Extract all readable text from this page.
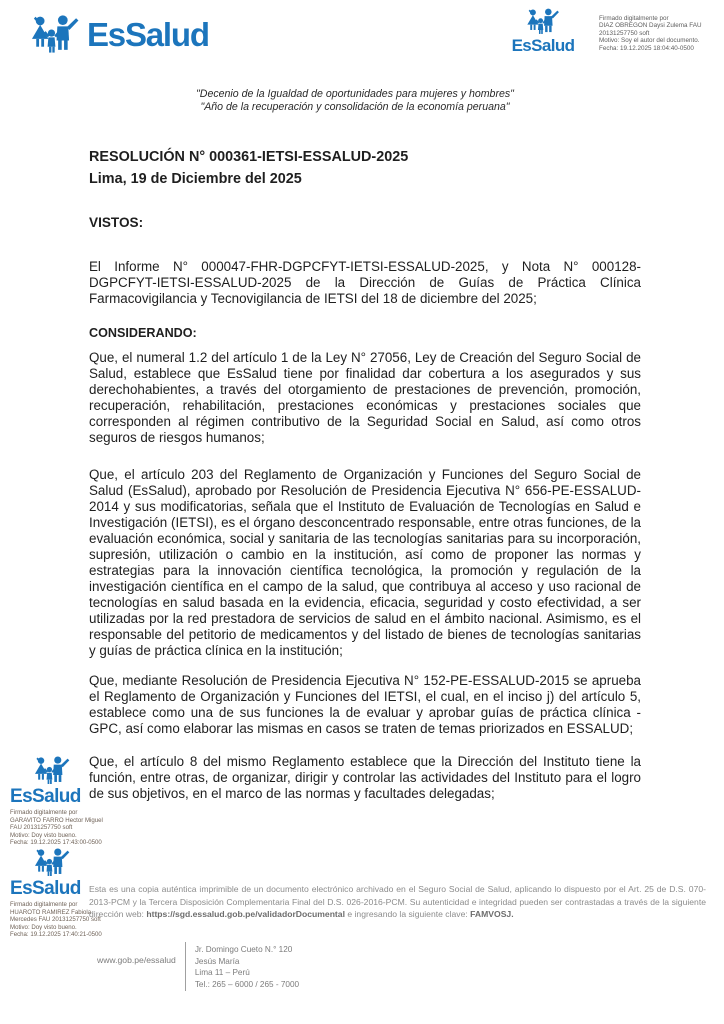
EsSalud	EsSalud
Firmado digitalmente por
DIAZ OBREGON Daysi Zulema FAU
20131257750 soft
Motivo: Soy el autor del documento.
Fecha: 19.12.2025 18:04:40-0500
"Decenio de la Igualdad de oportunidades para mujeres y hombres"
"Año de la recuperación y consolidación de la economía peruana"
RESOLUCIÓN N° 000361-IETSI-ESSALUD-2025
Lima, 19 de Diciembre del 2025
VISTOS:

El Informe N° 000047-FHR-DGPCFYT-IETSI-ESSALUD-2025, y Nota N° 000128-DGPCFYT-IETSI-ESSALUD-2025 de la Dirección de Guías de Práctica Clínica Farmacovigilancia y Tecnovigilancia de IETSI del 18 de diciembre del 2025;

CONSIDERANDO:

Que, el numeral 1.2 del artículo 1 de la Ley N° 27056, Ley de Creación del Seguro Social de Salud, establece que EsSalud tiene por finalidad dar cobertura a los asegurados y sus derechohabientes, a través del otorgamiento de prestaciones de prevención, promoción, recuperación, rehabilitación, prestaciones económicas y prestaciones sociales que corresponden al régimen contributivo de la Seguridad Social en Salud, así como otros seguros de riesgos humanos;

Que, el artículo 203 del Reglamento de Organización y Funciones del Seguro Social de Salud (EsSalud), aprobado por Resolución de Presidencia Ejecutiva N° 656-PE-ESSALUD-2014 y sus modificatorias, señala que el Instituto de Evaluación de Tecnologías en Salud e Investigación (IETSI), es el órgano desconcentrado responsable, entre otras funciones, de la evaluación económica, social y sanitaria de las tecnologías sanitarias para su incorporación, supresión, utilización o cambio en la institución, así como de proponer las normas y estrategias para la innovación científica tecnológica, la promoción y regulación de la investigación científica en el campo de la salud, que contribuya al acceso y uso racional de tecnologías en salud basada en la evidencia, eficacia, seguridad y costo efectividad, a ser utilizadas por la red prestadora de servicios de salud en el ámbito nacional. Asimismo, es el responsable del petitorio de medicamentos y del listado de bienes de tecnologías sanitarias y guías de práctica clínica en la institución;

Que, mediante Resolución de Presidencia Ejecutiva N° 152-PE-ESSALUD-2015 se aprueba el Reglamento de Organización y Funciones del IETSI, el cual, en el inciso j) del artículo 5, establece como una de sus funciones la de evaluar y aprobar guías de práctica clínica - GPC, así como elaborar las mismas en casos se traten de temas priorizados en ESSALUD;

Que, el artículo 8 del mismo Reglamento establece que la Dirección del Instituto tiene la función, entre otras, de organizar, dirigir y controlar las actividades del Instituto para el logro de sus objetivos, en el marco de las normas y facultades delegadas;

EsSalud
Firmado digitalmente por
GARAVITO FARRO Hector Miguel
FAU 20131257750 soft
Motivo: Doy visto bueno.
Fecha: 19.12.2025 17:43:00-0500
EsSalud
Firmado digitalmente por
HUAROTO RAMIREZ Fabiola
Mercedes FAU 20131257750 soft
Motivo: Doy visto bueno.
Fecha: 19.12.2025 17:40:21-0500
Esta es una copia auténtica imprimible de un documento electrónico archivado en el Seguro Social de Salud, aplicando lo dispuesto por el Art. 25 de D.S. 070-2013-PCM y la Tercera Disposición Complementaria Final del D.S. 026-2016-PCM. Su autenticidad e integridad pueden ser contrastadas a través de la siguiente dirección web: https://sgd.essalud.gob.pe/validadorDocumental e ingresando la siguiente clave: FAMVOSJ.
www.gob.pe/essalud
Jr. Domingo Cueto N.° 120
Jesús María
Lima 11 – Perú
Tel.: 265 – 6000 / 265 - 7000
